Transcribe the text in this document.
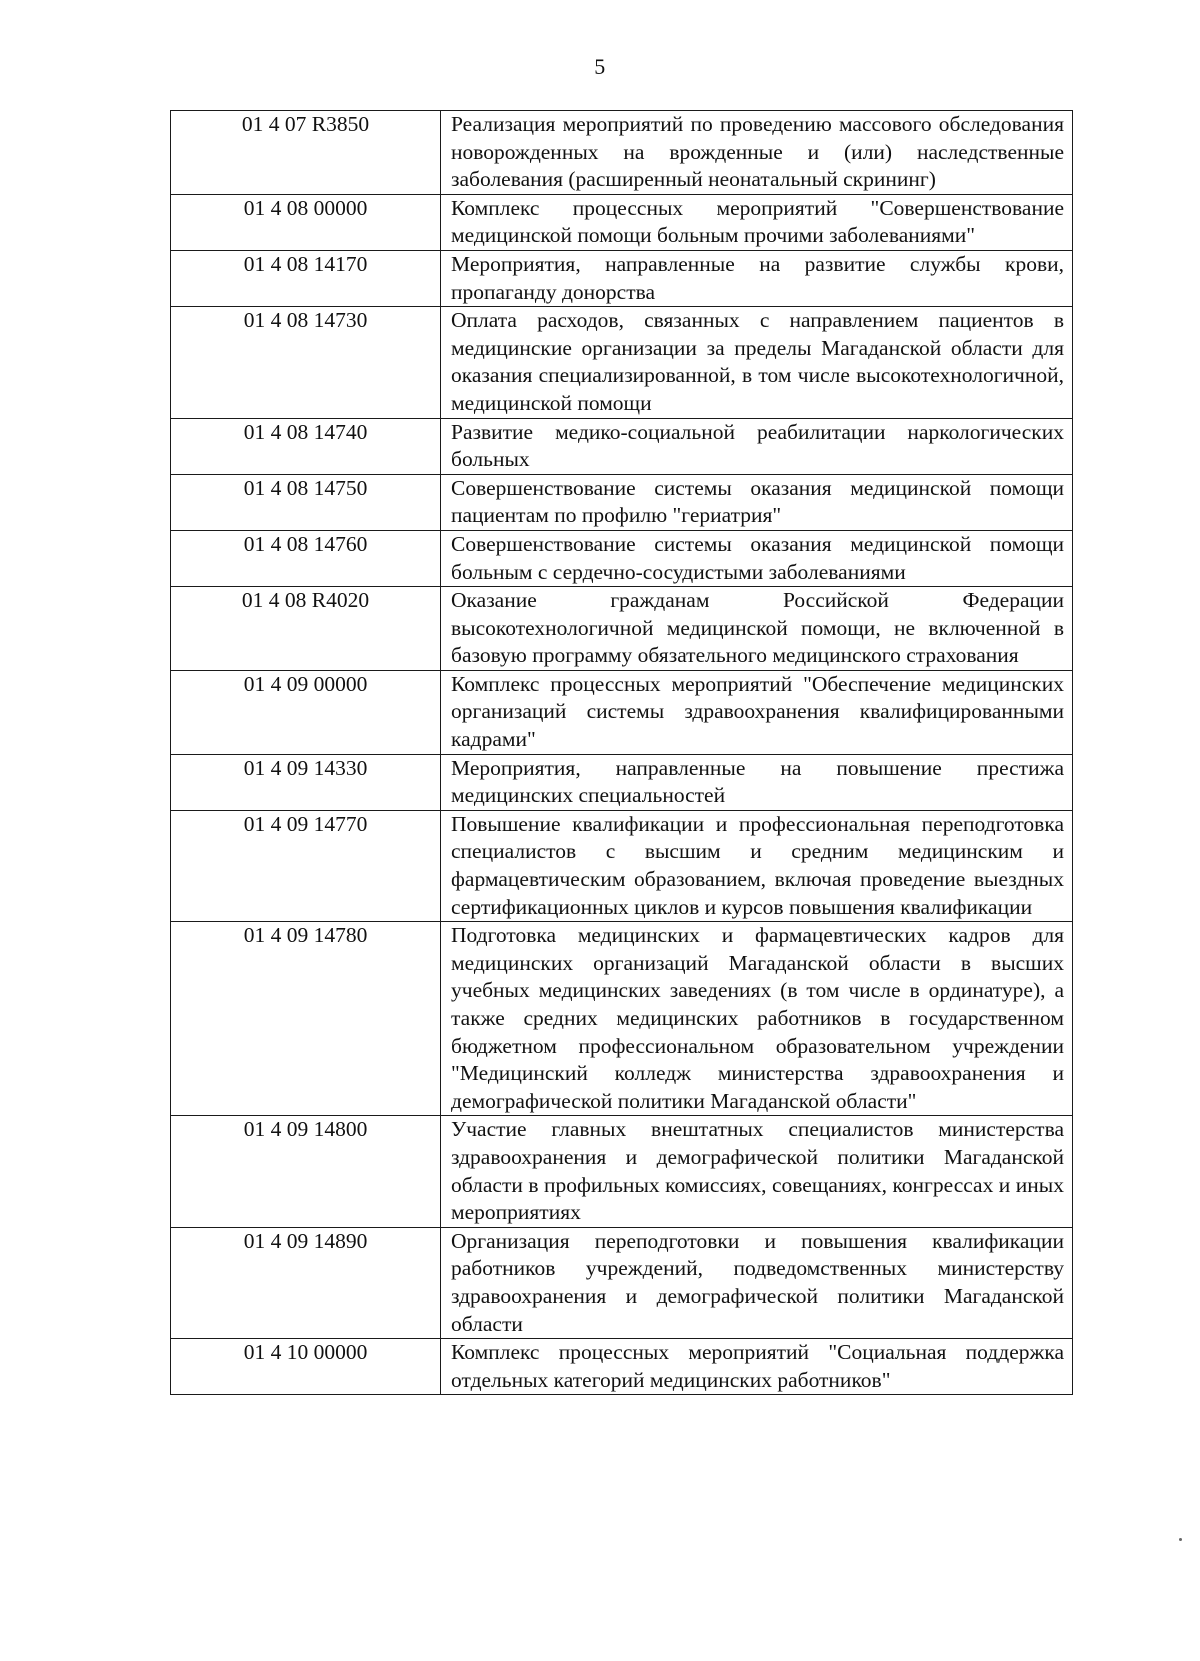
5
01 4 07 R3850	Реализация мероприятий по проведению массового обследования новорожденных на врожденные и (или) наследственные заболевания (расширенный неонатальный скрининг)
01 4 08 00000	Комплекс процессных мероприятий "Совершенствование медицинской помощи больным прочими заболеваниями"
01 4 08 14170	Мероприятия, направленные на развитие службы крови, пропаганду донорства
01 4 08 14730	Оплата расходов, связанных с направлением пациентов в медицинские организации за пределы Магаданской области для оказания специализированной, в том числе высокотехнологичной, медицинской помощи
01 4 08 14740	Развитие медико-социальной реабилитации наркологических больных
01 4 08 14750	Совершенствование системы оказания медицинской помощи пациентам по профилю "гериатрия"
01 4 08 14760	Совершенствование системы оказания медицинской помощи больным с сердечно-сосудистыми заболеваниями
01 4 08 R4020	Оказание гражданам Российской Федерации высокотехнологичной медицинской помощи, не включенной в базовую программу обязательного медицинского страхования
01 4 09 00000	Комплекс процессных мероприятий "Обеспечение медицинских организаций системы здравоохранения квалифицированными кадрами"
01 4 09 14330	Мероприятия, направленные на повышение престижа медицинских специальностей
01 4 09 14770	Повышение квалификации и профессиональная переподготовка специалистов с высшим и средним медицинским и фармацевтическим образованием, включая проведение выездных сертификационных циклов и курсов повышения квалификации
01 4 09 14780	Подготовка медицинских и фармацевтических кадров для медицинских организаций Магаданской области в высших учебных медицинских заведениях (в том числе в ординатуре), а также средних медицинских работников в государственном бюджетном профессиональном образовательном учреждении "Медицинский колледж министерства здравоохранения и демографической политики Магаданской области"
01 4 09 14800	Участие главных внештатных специалистов министерства здравоохранения и демографической политики Магаданской области в профильных комиссиях, совещаниях, конгрессах и иных мероприятиях
01 4 09 14890	Организация переподготовки и повышения квалификации работников учреждений, подведомственных министерству здравоохранения и демографической политики Магаданской области
01 4 10 00000	Комплекс процессных мероприятий "Социальная поддержка отдельных категорий медицинских работников"
